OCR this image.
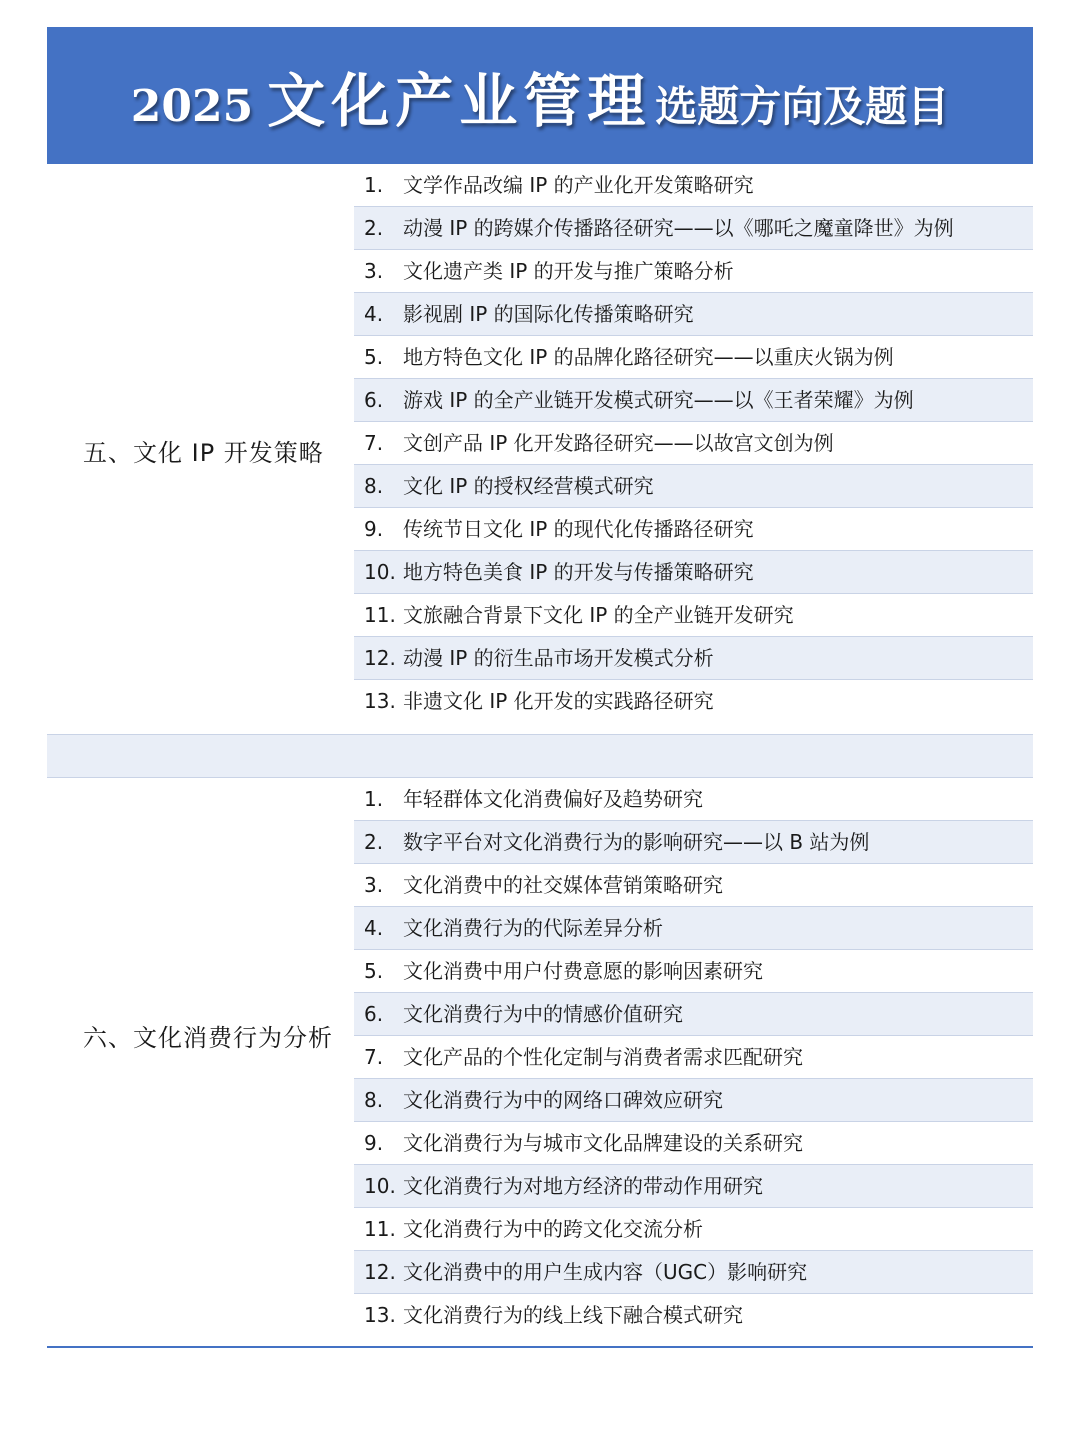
2025 文化产业管理 选题方向及题目
五、文化 IP 开发策略
1. 文学作品改编 IP 的产业化开发策略研究
2. 动漫 IP 的跨媒介传播路径研究——以《哪吒之魔童降世》为例
3. 文化遗产类 IP 的开发与推广策略分析
4. 影视剧 IP 的国际化传播策略研究
5. 地方特色文化 IP 的品牌化路径研究——以重庆火锅为例
6. 游戏 IP 的全产业链开发模式研究——以《王者荣耀》为例
7. 文创产品 IP 化开发路径研究——以故宫文创为例
8. 文化 IP 的授权经营模式研究
9. 传统节日文化 IP 的现代化传播路径研究
10. 地方特色美食 IP 的开发与传播策略研究
11. 文旅融合背景下文化 IP 的全产业链开发研究
12. 动漫 IP 的衍生品市场开发模式分析
13. 非遗文化 IP 化开发的实践路径研究
六、文化消费行为分析
1. 年轻群体文化消费偏好及趋势研究
2. 数字平台对文化消费行为的影响研究——以 B 站为例
3. 文化消费中的社交媒体营销策略研究
4. 文化消费行为的代际差异分析
5. 文化消费中用户付费意愿的影响因素研究
6. 文化消费行为中的情感价值研究
7. 文化产品的个性化定制与消费者需求匹配研究
8. 文化消费行为中的网络口碑效应研究
9. 文化消费行为与城市文化品牌建设的关系研究
10. 文化消费行为对地方经济的带动作用研究
11. 文化消费行为中的跨文化交流分析
12. 文化消费中的用户生成内容（UGC）影响研究
13. 文化消费行为的线上线下融合模式研究
